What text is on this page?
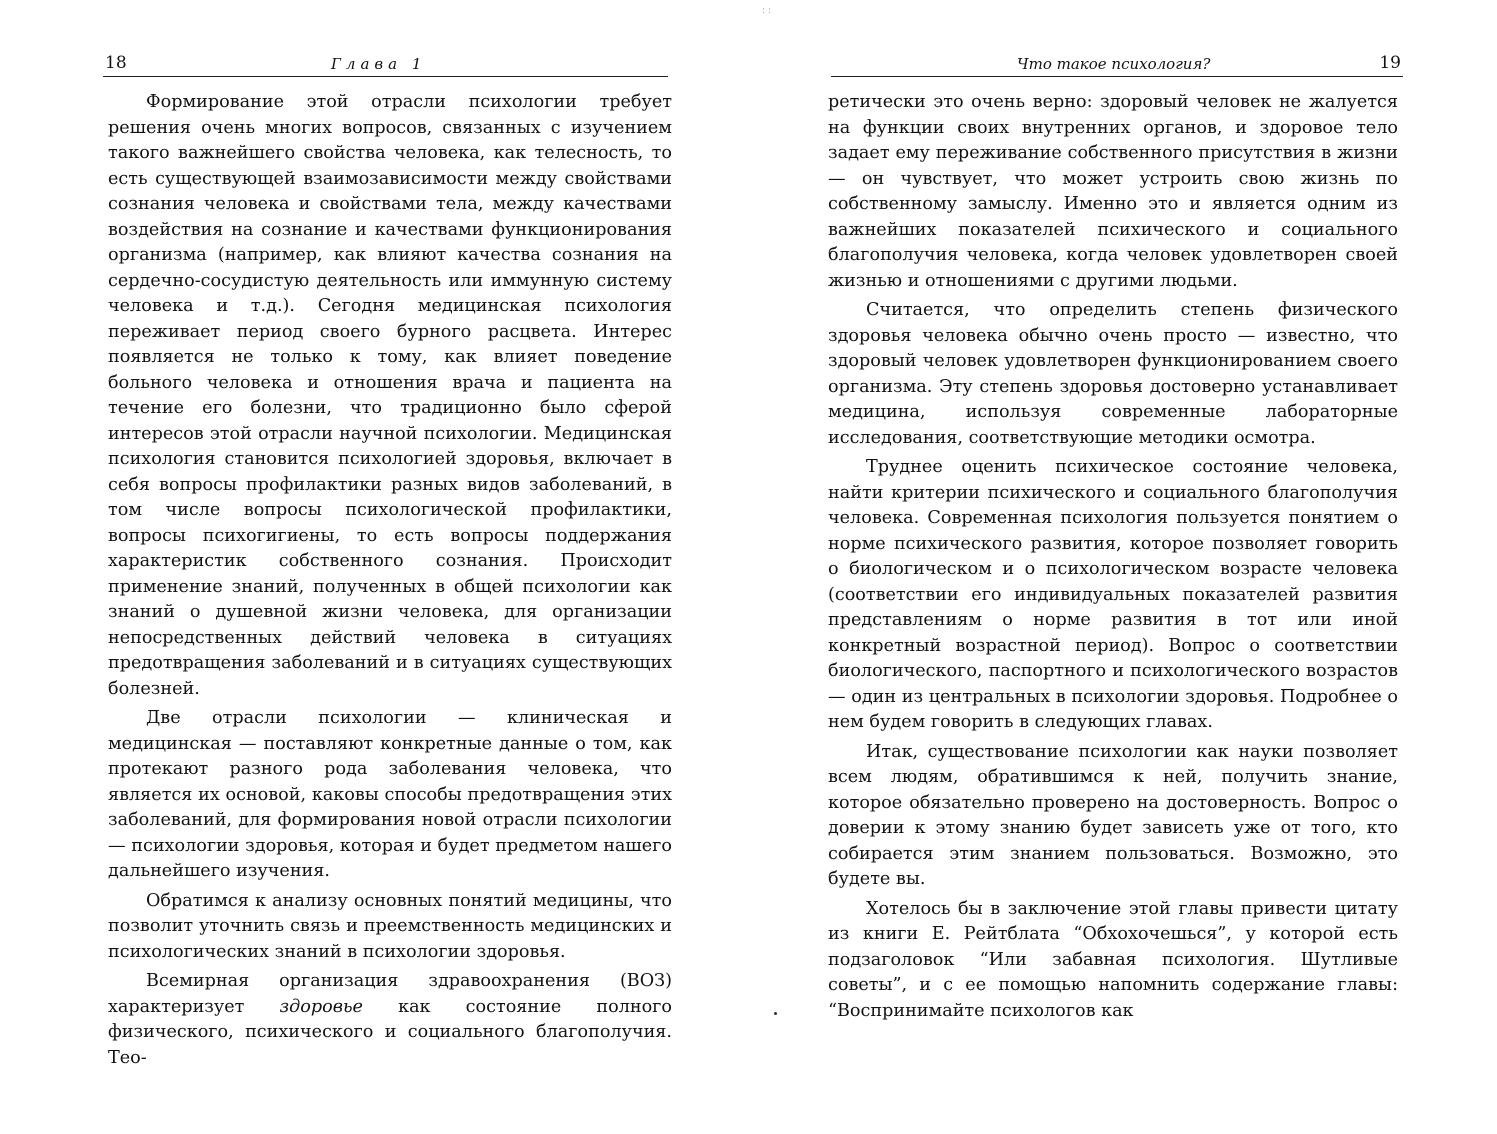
: :
18	Глава 1

Формирование этой отрасли психологии требует решения очень многих вопросов, связанных с изучением такого важнейшего свойства человека, как телесность, то есть существующей взаимозависимости между свойствами сознания человека и свойствами тела, между качествами воздействия на сознание и качествами функционирования организма (например, как влияют качества сознания на сердечно-сосудистую деятельность или иммунную систему человека и т.д.). Сегодня медицинская психология переживает период своего бурного расцвета. Интерес появляется не только к тому, как влияет поведение больного человека и отношения врача и пациента на течение его болезни, что традиционно было сферой интересов этой отрасли научной психологии. Медицинская психология становится психологией здоровья, включает в себя вопросы профилактики разных видов заболеваний, в том числе вопросы психологической профилактики, вопросы психогигиены, то есть вопросы поддержания характеристик собственного сознания. Происходит применение знаний, полученных в общей психологии как знаний о душевной жизни человека, для организации непосредственных действий человека в ситуациях предотвращения заболеваний и в ситуациях существующих болезней.

Две отрасли психологии — клиническая и медицинская — поставляют конкретные данные о том, как протекают разного рода заболевания человека, что является их основой, каковы способы предотвращения этих заболеваний, для формирования новой отрасли психологии — психологии здоровья, которая и будет предметом нашего дальнейшего изучения.

Обратимся к анализу основных понятий медицины, что позволит уточнить связь и преемственность медицинских и психологических знаний в психологии здоровья.

Всемирная организация здравоохранения (ВОЗ) характеризует здоровье как состояние полного физического, психического и социального благополучия. Тео-

Что такое психология?	19

ретически это очень верно: здоровый человек не жалуется на функции своих внутренних органов, и здоровое тело задает ему переживание собственного присутствия в жизни — он чувствует, что может устроить свою жизнь по собственному замыслу. Именно это и является одним из важнейших показателей психического и социального благополучия человека, когда человек удовлетворен своей жизнью и отношениями с другими людьми.

Считается, что определить степень физического здоровья человека обычно очень просто — известно, что здоровый человек удовлетворен функционированием своего организма. Эту степень здоровья достоверно устанавливает медицина, используя современные лабораторные исследования, соответствующие методики осмотра.

Труднее оценить психическое состояние человека, найти критерии психического и социального благополучия человека. Современная психология пользуется понятием о норме психического развития, которое позволяет говорить о биологическом и о психологическом возрасте человека (соответствии его индивидуальных показателей развития представлениям о норме развития в тот или иной конкретный возрастной период). Вопрос о соответствии биологического, паспортного и психологического возрастов — один из центральных в психологии здоровья. Подробнее о нем будем говорить в следующих главах.

Итак, существование психологии как науки позволяет всем людям, обратившимся к ней, получить знание, которое обязательно проверено на достоверность. Вопрос о доверии к этому знанию будет зависеть уже от того, кто собирается этим знанием пользоваться. Возможно, это будете вы.

Хотелось бы в заключение этой главы привести цитату из книги Е. Рейтблата “Обхохочешься”, у которой есть подзаголовок “Или забавная психология. Шутливые советы”, и с ее помощью напомнить содержание главы: “Воспринимайте психологов как
